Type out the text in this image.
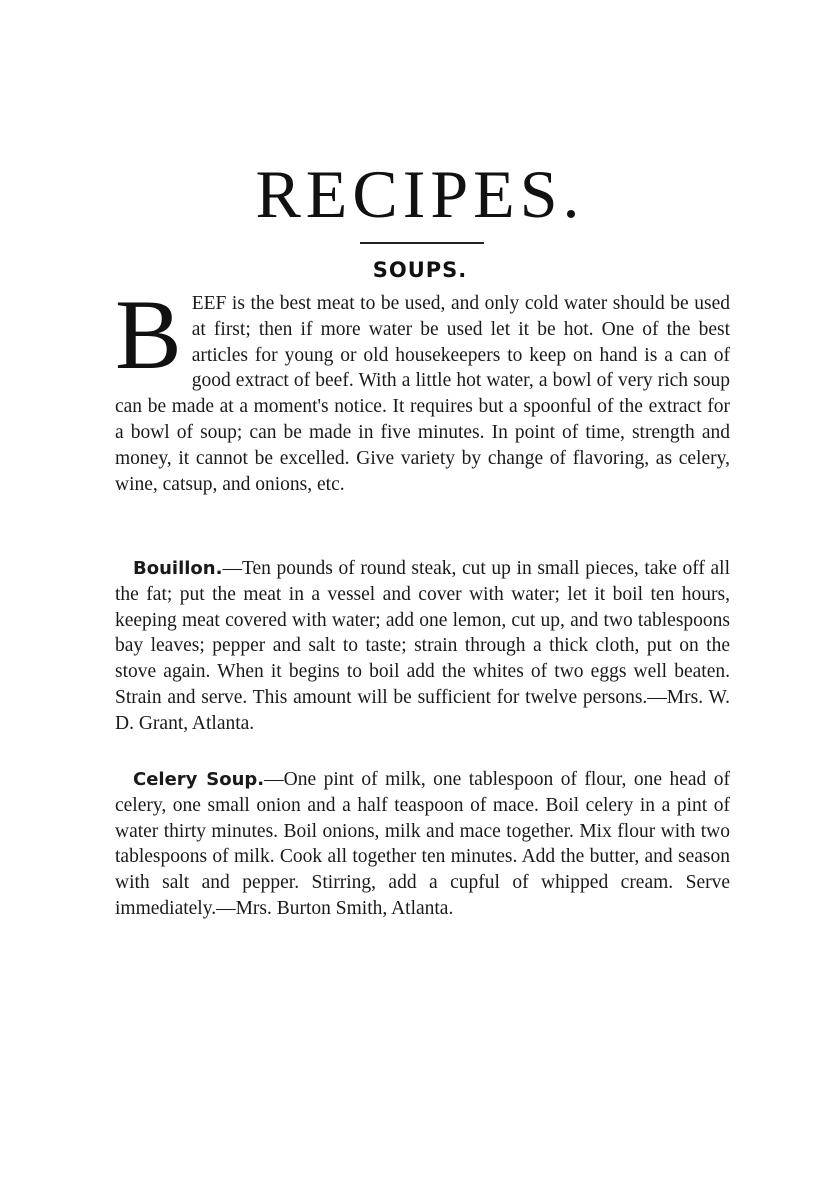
RECIPES.
SOUPS.
BEEF is the best meat to be used, and only cold water should be used at first; then if more water be used let it be hot. One of the best articles for young or old housekeepers to keep on hand is a can of good extract of beef. With a little hot water, a bowl of very rich soup can be made at a moment's notice. It requires but a spoonful of the extract for a bowl of soup; can be made in five minutes. In point of time, strength and money, it cannot be excelled. Give variety by change of flavoring, as celery, wine, catsup, and onions, etc.

Bouillon.—Ten pounds of round steak, cut up in small pieces, take off all the fat; put the meat in a vessel and cover with water; let it boil ten hours, keeping meat covered with water; add one lemon, cut up, and two tablespoons bay leaves; pepper and salt to taste; strain through a thick cloth, put on the stove again. When it begins to boil add the whites of two eggs well beaten. Strain and serve. This amount will be sufficient for twelve persons.—Mrs. W. D. Grant, Atlanta.

Celery Soup.—One pint of milk, one tablespoon of flour, one head of celery, one small onion and a half teaspoon of mace. Boil celery in a pint of water thirty minutes. Boil onions, milk and mace together. Mix flour with two tablespoons of milk. Cook all together ten minutes. Add the butter, and season with salt and pepper. Stirring, add a cupful of whipped cream. Serve immediately.—Mrs. Burton Smith, Atlanta.
